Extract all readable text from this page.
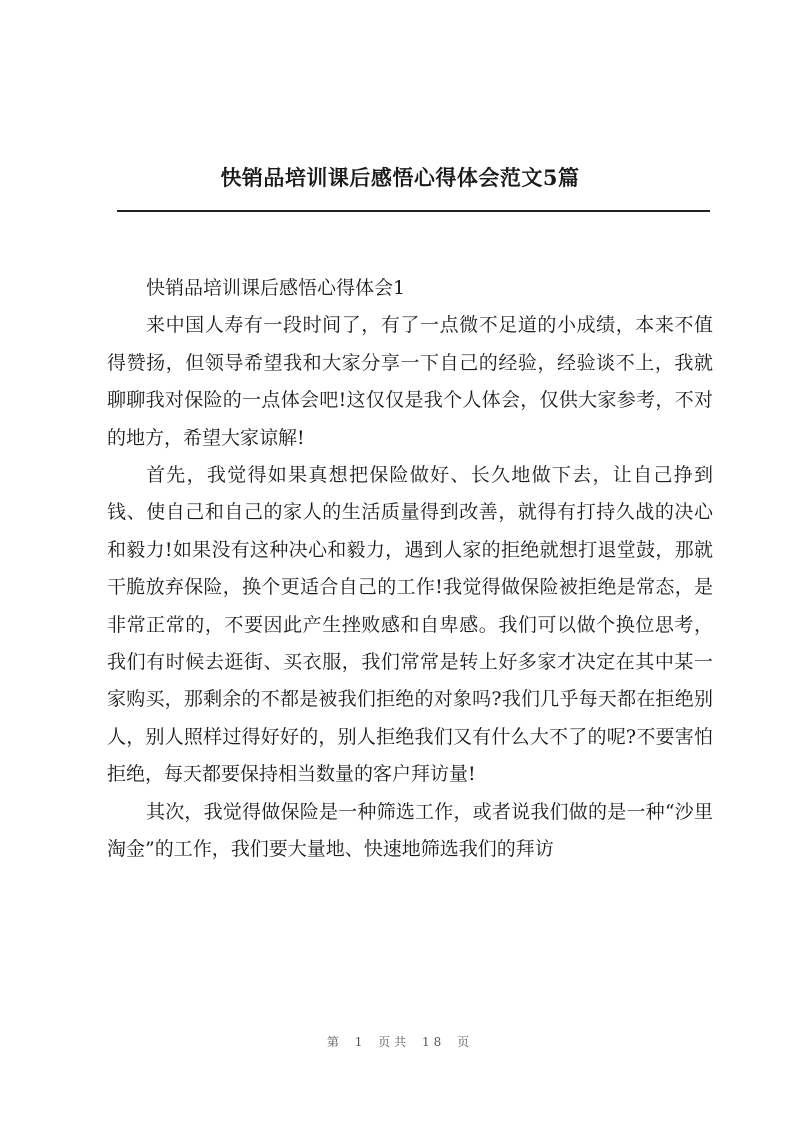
快销品培训课后感悟心得体会范文5篇

快销品培训课后感悟心得体会1

来中国人寿有一段时间了，有了一点微不足道的小成绩，本来不值得赞扬，但领导希望我和大家分享一下自己的经验，经验谈不上，我就聊聊我对保险的一点体会吧!这仅仅是我个人体会，仅供大家参考，不对的地方，希望大家谅解!

首先，我觉得如果真想把保险做好、长久地做下去，让自己挣到钱、使自己和自己的家人的生活质量得到改善，就得有打持久战的决心和毅力!如果没有这种决心和毅力，遇到人家的拒绝就想打退堂鼓，那就干脆放弃保险，换个更适合自己的工作!我觉得做保险被拒绝是常态，是非常正常的，不要因此产生挫败感和自卑感。我们可以做个换位思考，我们有时候去逛街、买衣服，我们常常是转上好多家才决定在其中某一家购买，那剩余的不都是被我们拒绝的对象吗?我们几乎每天都在拒绝别人，别人照样过得好好的，别人拒绝我们又有什么大不了的呢?不要害怕拒绝，每天都要保持相当数量的客户拜访量!

其次，我觉得做保险是一种筛选工作，或者说我们做的是一种“沙里淘金”的工作，我们要大量地、快速地筛选我们的拜访

第 1 页共 18 页
